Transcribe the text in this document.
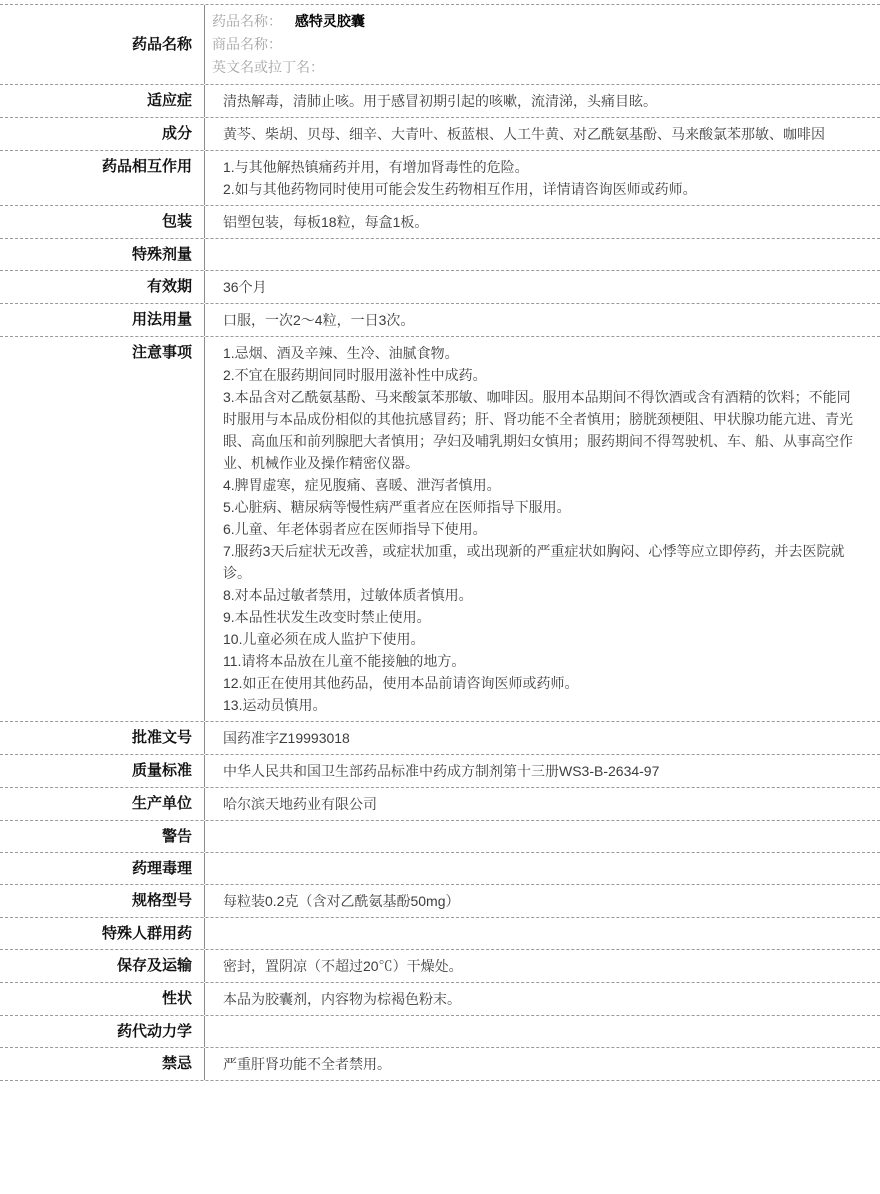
药品名称
药品名称： 感特灵胶囊
商品名称：
英文名或拉丁名：
适应症	清热解毒，清肺止咳。用于感冒初期引起的咳嗽，流清涕，头痛目眩。
成分	黄芩、柴胡、贝母、细辛、大青叶、板蓝根、人工牛黄、对乙酰氨基酚、马来酸氯苯那敏、咖啡因
药品相互作用	1.与其他解热镇痛药并用，有增加肾毒性的危险。
2.如与其他药物同时使用可能会发生药物相互作用，详情请咨询医师或药师。
包装	铝塑包装，每板18粒，每盒1板。
特殊剂量
有效期	36个月
用法用量	口服，一次2～4粒，一日3次。
注意事项	1.忌烟、酒及辛辣、生冷、油腻食物。
2.不宜在服药期间同时服用滋补性中成药。
3.本品含对乙酰氨基酚、马来酸氯苯那敏、咖啡因。服用本品期间不得饮酒或含有酒精的饮料；不能同时服用与本品成份相似的其他抗感冒药；肝、肾功能不全者慎用；膀胱颈梗阻、甲状腺功能亢进、青光眼、高血压和前列腺肥大者慎用；孕妇及哺乳期妇女慎用；服药期间不得驾驶机、车、船、从事高空作业、机械作业及操作精密仪器。
4.脾胃虚寒，症见腹痛、喜暖、泄泻者慎用。
5.心脏病、糖尿病等慢性病严重者应在医师指导下服用。
6.儿童、年老体弱者应在医师指导下使用。
7.服药3天后症状无改善，或症状加重，或出现新的严重症状如胸闷、心悸等应立即停药，并去医院就诊。
8.对本品过敏者禁用，过敏体质者慎用。
9.本品性状发生改变时禁止使用。
10.儿童必须在成人监护下使用。
11.请将本品放在儿童不能接触的地方。
12.如正在使用其他药品，使用本品前请咨询医师或药师。
13.运动员慎用。
批准文号	国药准字Z19993018
质量标准	中华人民共和国卫生部药品标准中药成方制剂第十三册WS3-B-2634-97
生产单位	哈尔滨天地药业有限公司
警告
药理毒理
规格型号	每粒装0.2克（含对乙酰氨基酚50mg）
特殊人群用药
保存及运输	密封，置阴凉（不超过20℃）干燥处。
性状	本品为胶囊剂，内容物为棕褐色粉末。
药代动力学
禁忌	严重肝肾功能不全者禁用。
